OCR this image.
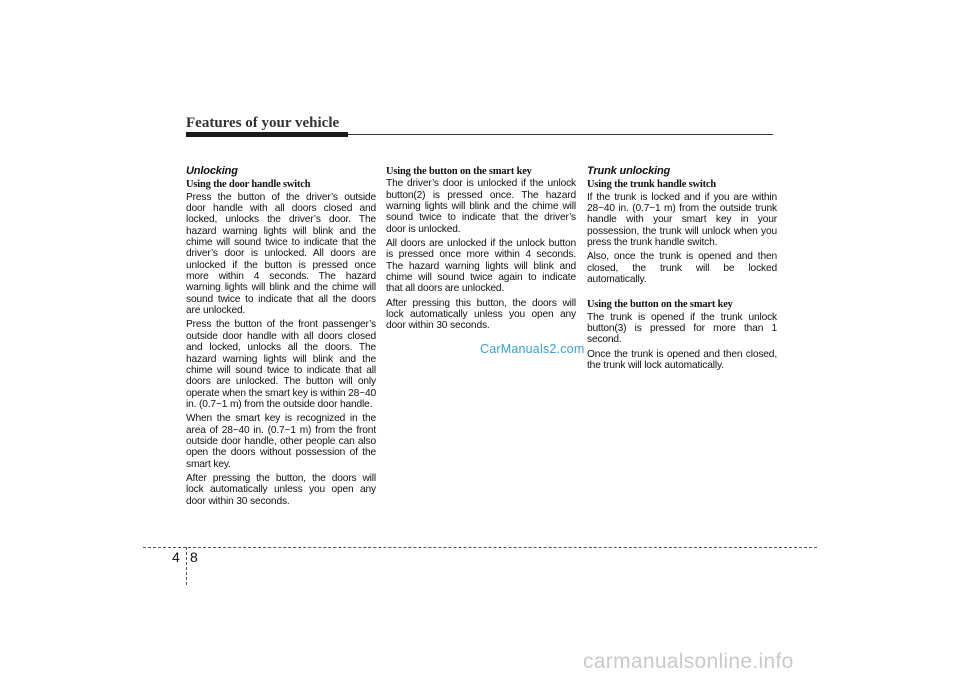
Features of your vehicle
Unlocking
Using the door handle switch

Press the button of the driver’s outside door handle with all doors closed and locked, unlocks the driver’s door. The hazard warning lights will blink and the chime will sound twice to indicate that the driver’s door is unlocked. All doors are unlocked if the button is pressed once more within 4 seconds. The hazard warning lights will blink and the chime will sound twice to indicate that all the doors are unlocked.

Press the button of the front passenger’s outside door handle with all doors closed and locked, unlocks all the doors. The hazard warning lights will blink and the chime will sound twice to indicate that all doors are unlocked. The button will only operate when the smart key is within 28~40 in. (0.7~1 m) from the outside door handle.

When the smart key is recognized in the area of 28~40 in. (0.7~1 m) from the front outside door handle, other people can also open the doors without possession of the smart key.

After pressing the button, the doors will lock automatically unless you open any door within 30 seconds.

Using the button on the smart key

The driver’s door is unlocked if the unlock button(2) is pressed once. The hazard warning lights will blink and the chime will sound twice to indicate that the driver’s door is unlocked.

All doors are unlocked if the unlock button is pressed once more within 4 seconds. The hazard warning lights will blink and chime will sound twice again to indicate that all doors are unlocked.

After pressing this button, the doors will lock automatically unless you open any door within 30 seconds.

Trunk unlocking
Using the trunk handle switch

If the trunk is locked and if you are within 28~40 in. (0.7~1 m) from the outside trunk handle with your smart key in your possession, the trunk will unlock when you press the trunk handle switch.

Also, once the trunk is opened and then closed, the trunk will be locked automatically.

Using the button on the smart key

The trunk is opened if the trunk unlock button(3) is pressed for more than 1 second.

Once the trunk is opened and then closed, the trunk will lock automatically.

CarManuals2.com
4 8
carmanualsonline.info
